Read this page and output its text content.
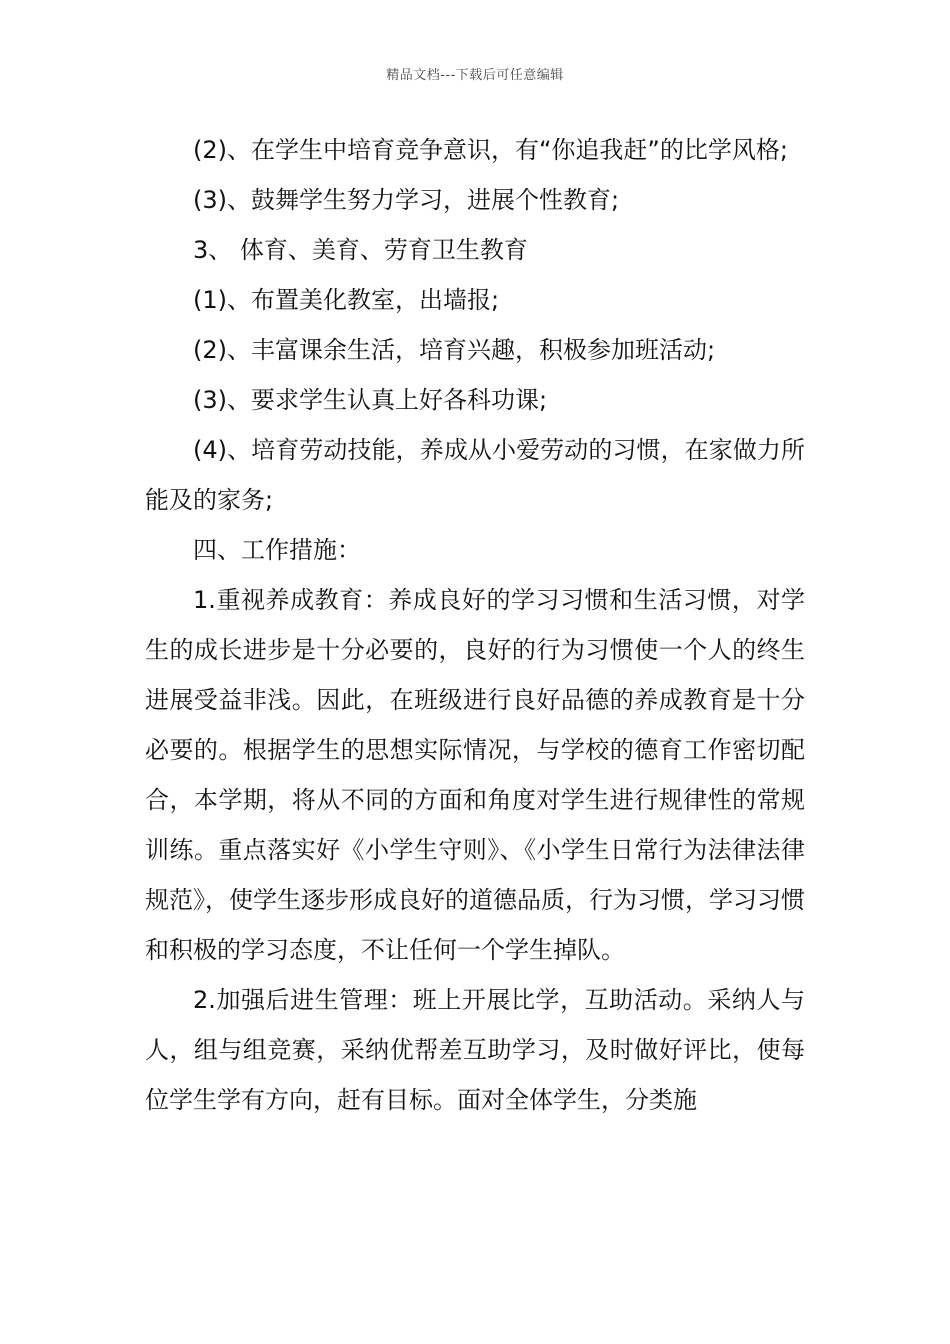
精品文档---下载后可任意编辑

(2)、在学生中培育竞争意识，有“你追我赶”的比学风格;

(3)、鼓舞学生努力学习，进展个性教育;

3、 体育、美育、劳育卫生教育

(1)、布置美化教室，出墙报;

(2)、丰富课余生活，培育兴趣，积极参加班活动;

(3)、要求学生认真上好各科功课;

(4)、培育劳动技能，养成从小爱劳动的习惯，在家做力所能及的家务;

四、工作措施：

1.重视养成教育：养成良好的学习习惯和生活习惯，对学生的成长进步是十分必要的，良好的行为习惯使一个人的终生进展受益非浅。因此，在班级进行良好品德的养成教育是十分必要的。根据学生的思想实际情况，与学校的德育工作密切配合，本学期，将从不同的方面和角度对学生进行规律性的常规训练。重点落实好《小学生守则》、《小学生日常行为法律法律规范》，使学生逐步形成良好的道德品质，行为习惯，学习习惯和积极的学习态度，不让任何一个学生掉队。

2.加强后进生管理：班上开展比学，互助活动。采纳人与人，组与组竞赛，采纳优帮差互助学习，及时做好评比，使每位学生学有方向，赶有目标。面对全体学生，分类施
